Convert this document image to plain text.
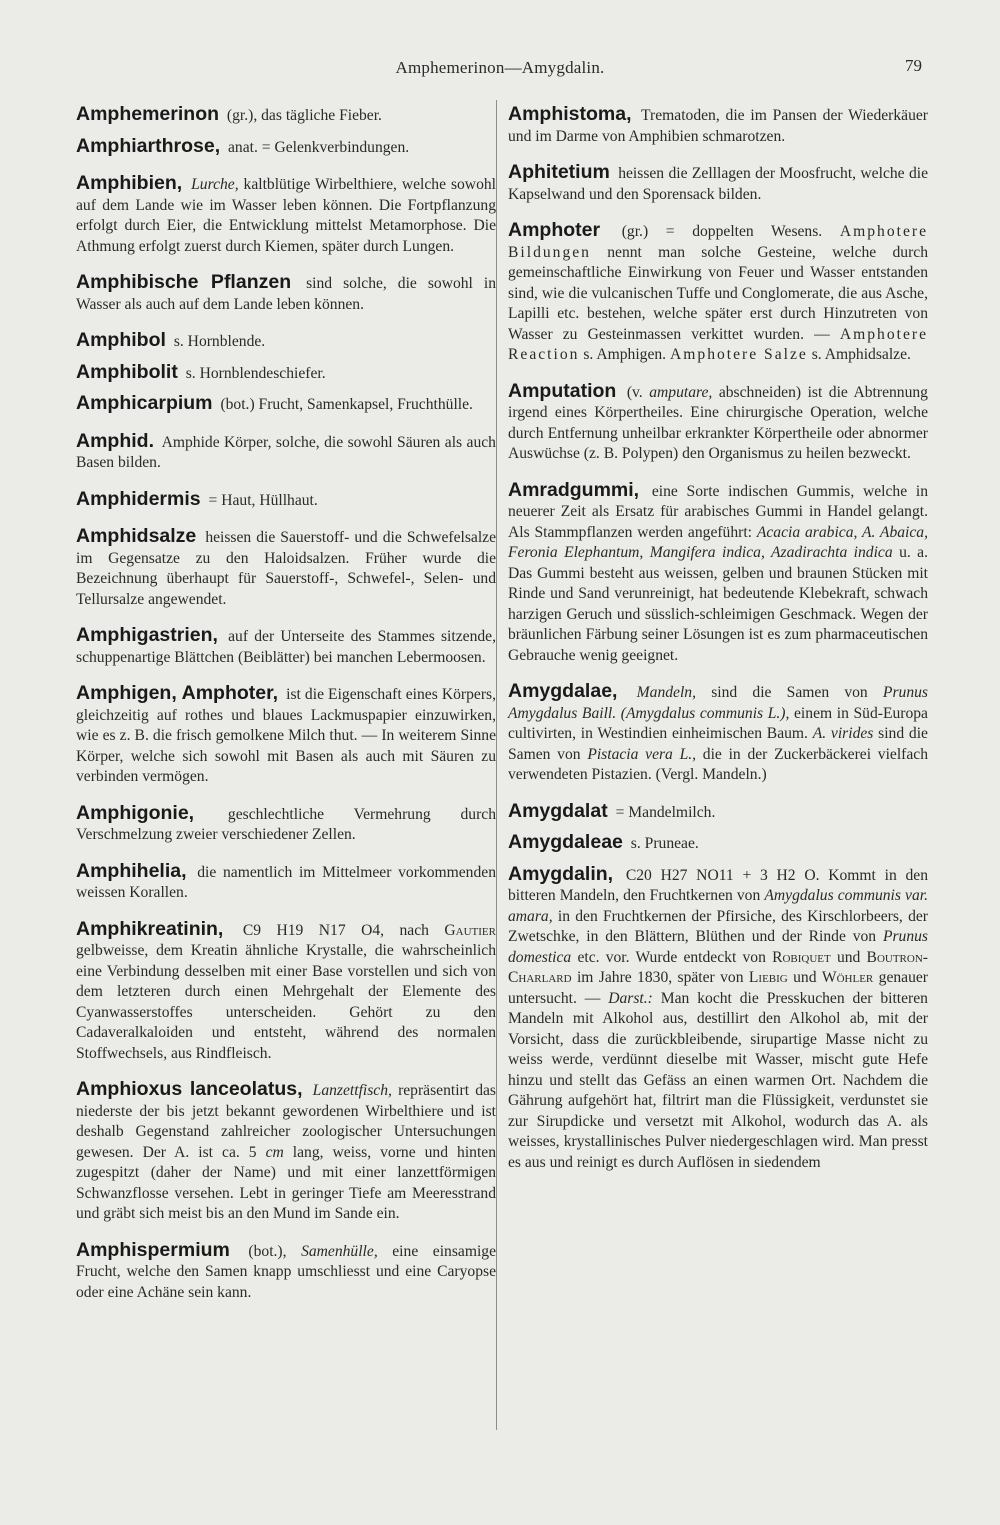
Amphemerinon—Amygdalin.	79

Amphemerinon (gr.), das tägliche Fieber.

Amphiarthrose, anat. = Gelenkverbindungen.

Amphibien, Lurche, kaltblütige Wirbelthiere, welche sowohl auf dem Lande wie im Wasser leben können. Die Fortpflanzung erfolgt durch Eier, die Entwicklung mittelst Metamorphose. Die Athmung erfolgt zuerst durch Kiemen, später durch Lungen.

Amphibische Pflanzen sind solche, die sowohl in Wasser als auch auf dem Lande leben können.

Amphibol s. Hornblende.

Amphibolit s. Hornblendeschiefer.

Amphicarpium (bot.) Frucht, Samenkapsel, Fruchthülle.

Amphid. Amphide Körper, solche, die sowohl Säuren als auch Basen bilden.

Amphidermis = Haut, Hüllhaut.

Amphidsalze heissen die Sauerstoff- und die Schwefelsalze im Gegensatze zu den Haloidsalzen. Früher wurde die Bezeichnung überhaupt für Sauerstoff-, Schwefel-, Selen- und Tellursalze angewendet.

Amphigastrien, auf der Unterseite des Stammes sitzende, schuppenartige Blättchen (Beiblätter) bei manchen Lebermoosen.

Amphigen, Amphoter, ist die Eigenschaft eines Körpers, gleichzeitig auf rothes und blaues Lackmuspapier einzuwirken, wie es z. B. die frisch gemolkene Milch thut. — In weiterem Sinne Körper, welche sich sowohl mit Basen als auch mit Säuren zu verbinden vermögen.

Amphigonie, geschlechtliche Vermehrung durch Verschmelzung zweier verschiedener Zellen.

Amphihelia, die namentlich im Mittelmeer vorkommenden weissen Korallen.

Amphikreatinin, C9 H19 N17 O4, nach Gautier gelbweisse, dem Kreatin ähnliche Krystalle, die wahrscheinlich eine Verbindung desselben mit einer Base vorstellen und sich von dem letzteren durch einen Mehrgehalt der Elemente des Cyanwasserstoffes unterscheiden. Gehört zu den Cadaveralkaloiden und entsteht, während des normalen Stoffwechsels, aus Rindfleisch.

Amphioxus lanceolatus, Lanzettfisch, repräsentirt das niederste der bis jetzt bekannt gewordenen Wirbelthiere und ist deshalb Gegenstand zahlreicher zoologischer Untersuchungen gewesen. Der A. ist ca. 5 cm lang, weiss, vorne und hinten zugespitzt (daher der Name) und mit einer lanzettförmigen Schwanzflosse versehen. Lebt in geringer Tiefe am Meeresstrand und gräbt sich meist bis an den Mund im Sande ein.

Amphispermium (bot.), Samenhülle, eine einsamige Frucht, welche den Samen knapp umschliesst und eine Caryopse oder eine Achäne sein kann.

Amphistoma, Trematoden, die im Pansen der Wiederkäuer und im Darme von Amphibien schmarotzen.

Aphitetium heissen die Zelllagen der Moosfrucht, welche die Kapselwand und den Sporensack bilden.

Amphoter (gr.) = doppelten Wesens. Amphotere Bildungen nennt man solche Gesteine, welche durch gemeinschaftliche Einwirkung von Feuer und Wasser entstanden sind, wie die vulcanischen Tuffe und Conglomerate, die aus Asche, Lapilli etc. bestehen, welche später erst durch Hinzutreten von Wasser zu Gesteinmassen verkittet wurden. — Amphotere Reaction s. Amphigen. Amphotere Salze s. Amphidsalze.

Amputation (v. amputare, abschneiden) ist die Abtrennung irgend eines Körpertheiles. Eine chirurgische Operation, welche durch Entfernung unheilbar erkrankter Körpertheile oder abnormer Auswüchse (z. B. Polypen) den Organismus zu heilen bezweckt.

Amradgummi, eine Sorte indischen Gummis, welche in neuerer Zeit als Ersatz für arabisches Gummi in Handel gelangt. Als Stammpflanzen werden angeführt: Acacia arabica, A. Abaica, Feronia Elephantum, Mangifera indica, Azadirachta indica u. a. Das Gummi besteht aus weissen, gelben und braunen Stücken mit Rinde und Sand verunreinigt, hat bedeutende Klebekraft, schwach harzigen Geruch und süsslich-schleimigen Geschmack. Wegen der bräunlichen Färbung seiner Lösungen ist es zum pharmaceutischen Gebrauche wenig geeignet.

Amygdalae, Mandeln, sind die Samen von Prunus Amygdalus Baill. (Amygdalus communis L.), einem in Süd-Europa cultivirten, in Westindien einheimischen Baum. A. virides sind die Samen von Pistacia vera L., die in der Zuckerbäckerei vielfach verwendeten Pistazien. (Vergl. Mandeln.)

Amygdalat = Mandelmilch.

Amygdaleae s. Pruneae.

Amygdalin, C20 H27 NO11 + 3 H2 O. Kommt in den bitteren Mandeln, den Fruchtkernen von Amygdalus communis var. amara, in den Fruchtkernen der Pfirsiche, des Kirschlorbeers, der Zwetschke, in den Blättern, Blüthen und der Rinde von Prunus domestica etc. vor. Wurde entdeckt von Robiquet und Boutron-Charlard im Jahre 1830, später von Liebig und Wöhler genauer untersucht. — Darst.: Man kocht die Presskuchen der bitteren Mandeln mit Alkohol aus, destillirt den Alkohol ab, mit der Vorsicht, dass die zurückbleibende, sirupartige Masse nicht zu weiss werde, verdünnt dieselbe mit Wasser, mischt gute Hefe hinzu und stellt das Gefäss an einen warmen Ort. Nachdem die Gährung aufgehört hat, filtrirt man die Flüssigkeit, verdunstet sie zur Sirupdicke und versetzt mit Alkohol, wodurch das A. als weisses, krystallinisches Pulver niedergeschlagen wird. Man presst es aus und reinigt es durch Auflösen in siedendem
